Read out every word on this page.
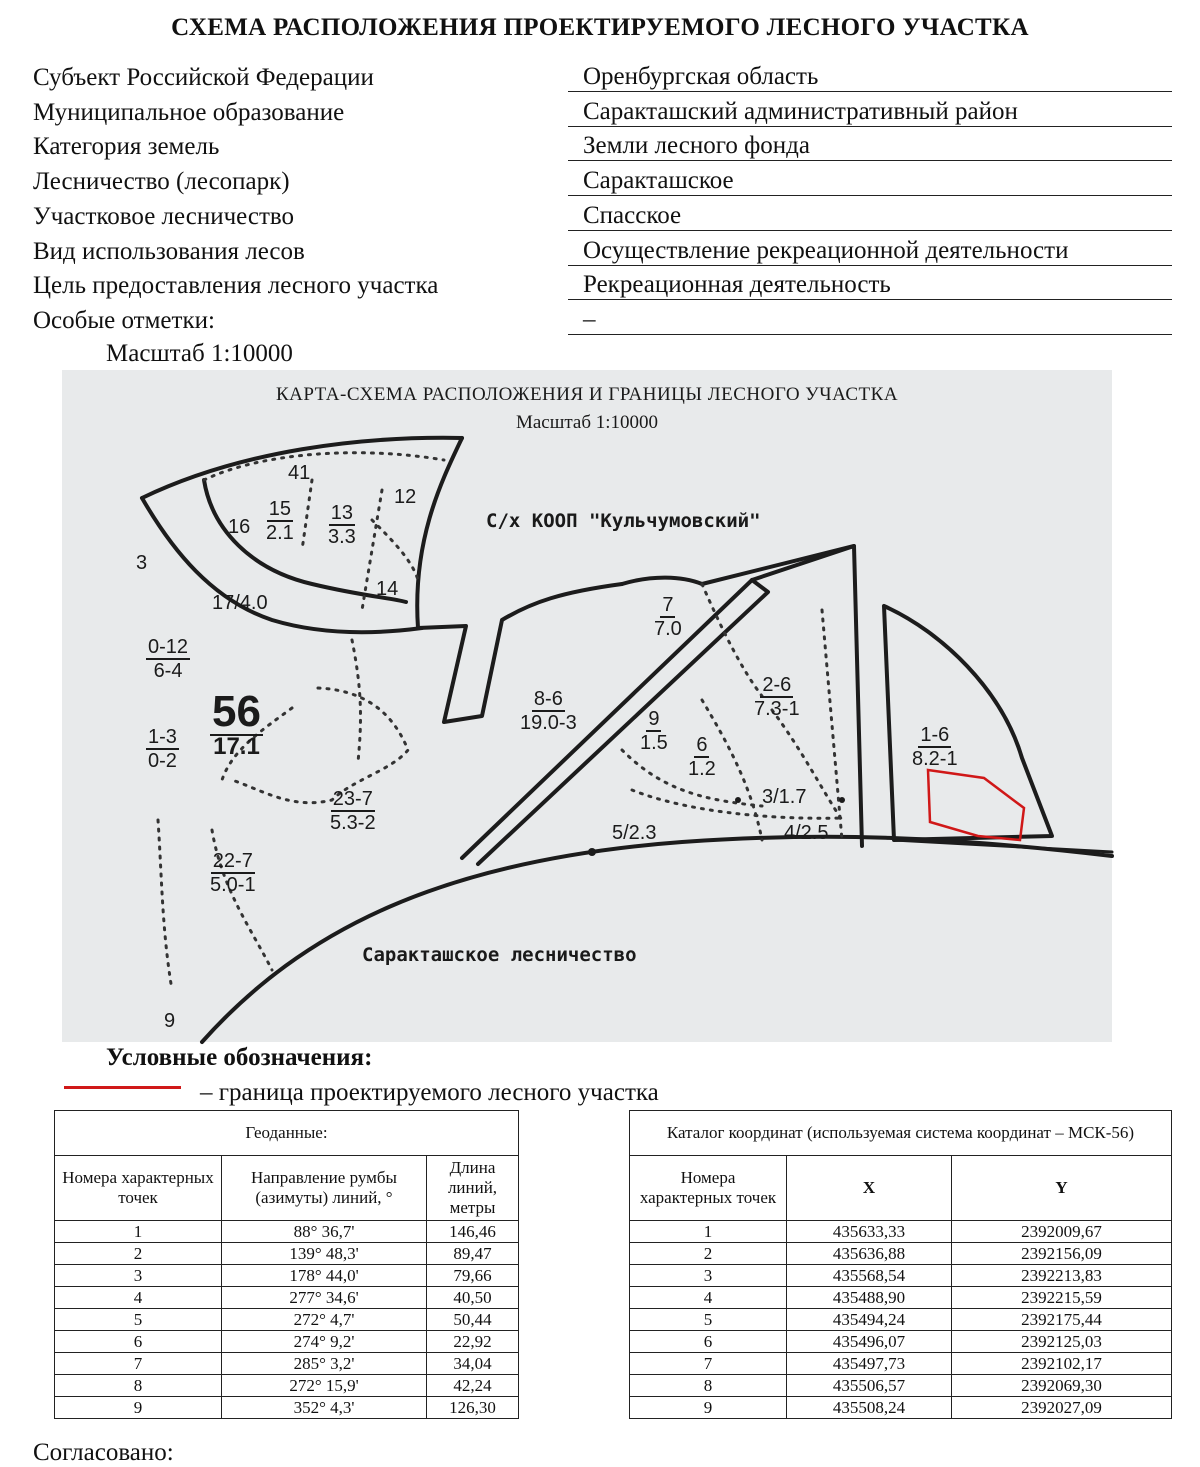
СХЕМА РАСПОЛОЖЕНИЯ ПРОЕКТИРУЕМОГО ЛЕСНОГО УЧАСТКА
Субъект Российской Федерации	Оренбургская область
Муниципальное образование	Саракташский административный район
Категория земель	Земли лесного фонда
Лесничество (лесопарк)	Саракташское
Участковое лесничество	Спасское
Вид использования лесов	Осуществление рекреационной деятельности
Цель предоставления лесного участка	Рекреационная деятельность
Особые отметки:	–
Масштаб 1:10000
КАРТА-СХЕМА РАСПОЛОЖЕНИЯ И ГРАНИЦЫ ЛЕСНОГО УЧАСТКА
Масштаб 1:10000
С/х КООП "Кульчумовский"
Саракташское лесничество
56
17.1
15
2.1
13
3.3
16
41
12
14
17/4.0
3
0-12
6-4
1-3
0-2
23-7
5.3-2
22-7
5.0-1
8-6
19.0-3	9
1.5	6
1.2
2-6
7.3-1
3/1.7
4/2.5
5/2.3
7
7.0
1-6
8.2-1
9
Условные обозначения:
– граница проектируемого лесного участка
Геоданные:		
Номера характерных точек	Направление румбы (азимуты) линий, °	Длина линий, метры
1	88° 36,7'	146,46
2	139° 48,3'	89,47
3	178° 44,0'	79,66
4	277° 34,6'	40,50
5	272° 4,7'	50,44
6	274° 9,2'	22,92
7	285° 3,2'	34,04
8	272° 15,9'	42,24
9	352° 4,3'	126,30
Каталог координат (используемая система координат – МСК-56)		
Номера характерных точек	X	Y
1	435633,33	2392009,67
2	435636,88	2392156,09
3	435568,54	2392213,83
4	435488,90	2392215,59
5	435494,24	2392175,44
6	435496,07	2392125,03
7	435497,73	2392102,17
8	435506,57	2392069,30
9	435508,24	2392027,09
Согласовано:
